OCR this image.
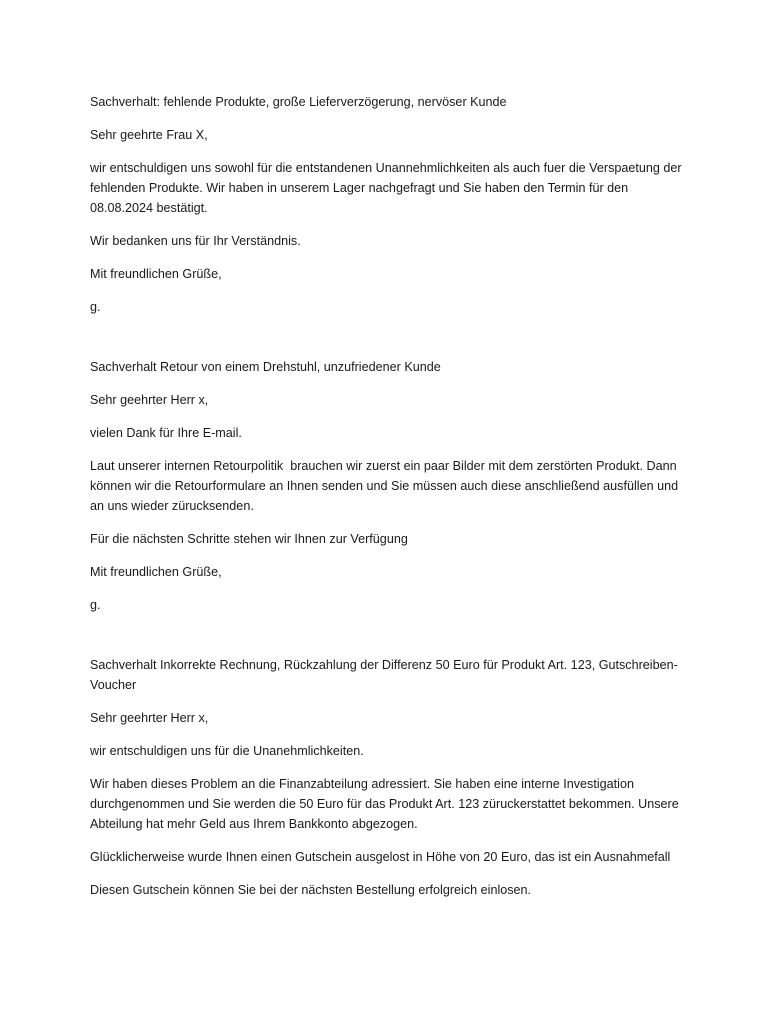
Sachverhalt: fehlende Produkte, große Lieferverzögerung, nervöser Kunde

Sehr geehrte Frau X,

wir entschuldigen uns sowohl für die entstandenen Unannehmlichkeiten als auch fuer die Verspaetung der fehlenden Produkte. Wir haben in unserem Lager nachgefragt und Sie haben den Termin für den 08.08.2024 bestätigt.

Wir bedanken uns für Ihr Verständnis.

Mit freundlichen Grüße,

g.

Sachverhalt Retour von einem Drehstuhl, unzufriedener Kunde

Sehr geehrter Herr x,

vielen Dank für Ihre E-mail.

Laut unserer internen Retourpolitik  brauchen wir zuerst ein paar Bilder mit dem zerstörten Produkt. Dann können wir die Retourformulare an Ihnen senden und Sie müssen auch diese anschließend ausfüllen und an uns wieder zürucksenden.

Für die nächsten Schritte stehen wir Ihnen zur Verfügung

Mit freundlichen Grüße,

g.

Sachverhalt Inkorrekte Rechnung, Rückzahlung der Differenz 50 Euro für Produkt Art. 123, Gutschreiben-Voucher

Sehr geehrter Herr x,

wir entschuldigen uns für die Unanehmlichkeiten.

Wir haben dieses Problem an die Finanzabteilung adressiert. Sie haben eine interne Investigation durchgenommen und Sie werden die 50 Euro für das Produkt Art. 123 züruckerstattet bekommen. Unsere Abteilung hat mehr Geld aus Ihrem Bankkonto abgezogen.

Glücklicherweise wurde Ihnen einen Gutschein ausgelost in Höhe von 20 Euro, das ist ein Ausnahmefall

Diesen Gutschein können Sie bei der nächsten Bestellung erfolgreich einlosen.
